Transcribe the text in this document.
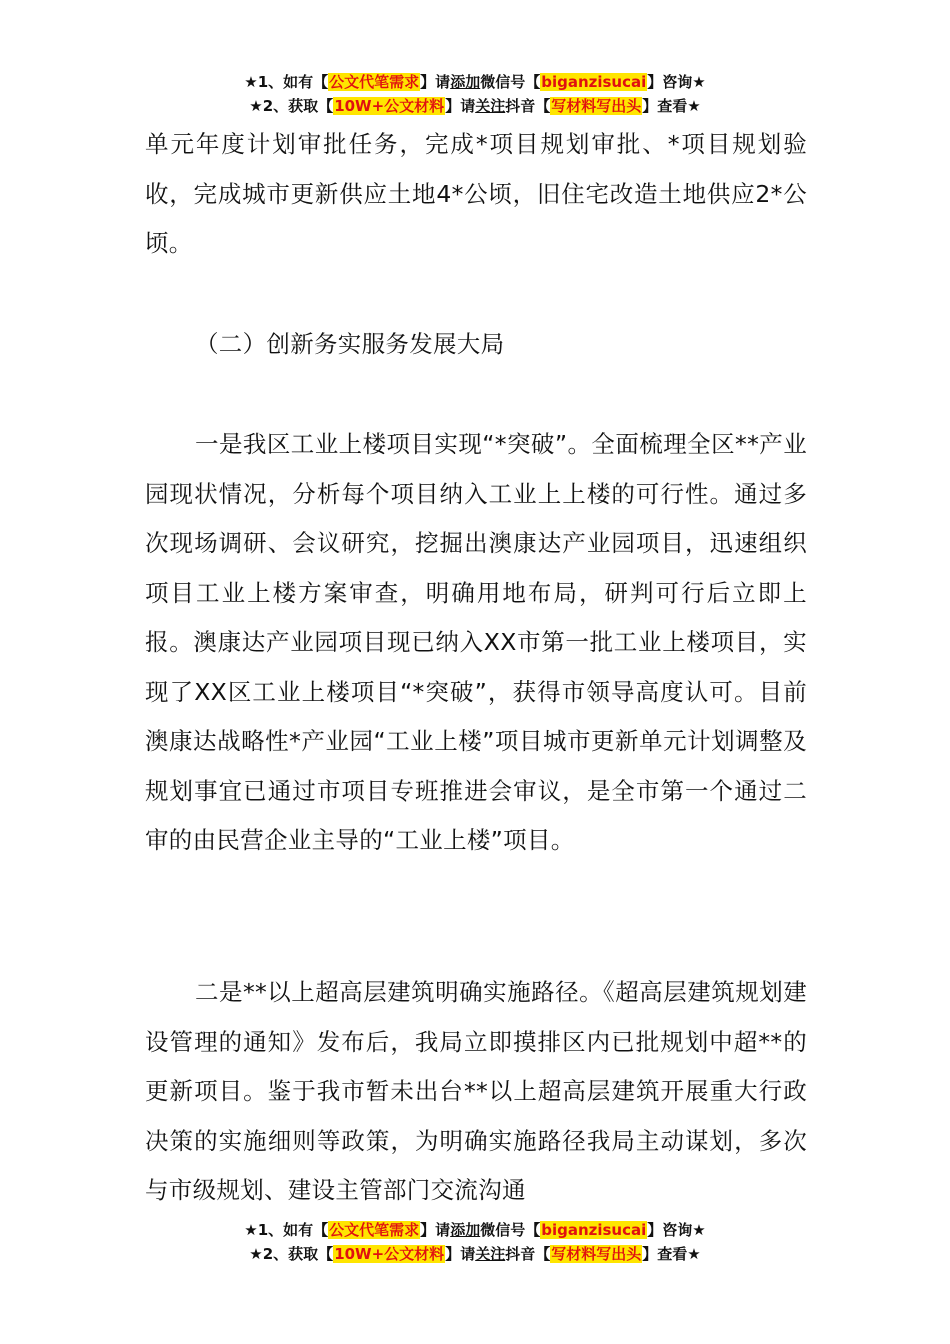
★1、如有【公文代笔需求】请添加微信号【biganzisucai】咨询★
★2、获取【10W+公文材料】请关注抖音【写材料写出头】查看★

单元年度计划审批任务，完成*项目规划审批、*项目规划验收，完成城市更新供应土地4*公顷，旧住宅改造土地供应2*公顷。

（二）创新务实服务发展大局

一是我区工业上楼项目实现“*突破”。全面梳理全区**产业园现状情况，分析每个项目纳入工业上上楼的可行性。通过多次现场调研、会议研究，挖掘出澳康达产业园项目，迅速组织项目工业上楼方案审查，明确用地布局，研判可行后立即上报。澳康达产业园项目现已纳入XX市第一批工业上楼项目，实现了XX区工业上楼项目“*突破”，获得市领导高度认可。目前澳康达战略性*产业园“工业上楼”项目城市更新单元计划调整及规划事宜已通过市项目专班推进会审议，是全市第一个通过二审的由民营企业主导的“工业上楼”项目。

二是**以上超高层建筑明确实施路径。《超高层建筑规划建设管理的通知》发布后，我局立即摸排区内已批规划中超**的更新项目。鉴于我市暂未出台**以上超高层建筑开展重大行政决策的实施细则等政策，为明确实施路径我局主动谋划，多次与市级规划、建设主管部门交流沟通

★1、如有【公文代笔需求】请添加微信号【biganzisucai】咨询★
★2、获取【10W+公文材料】请关注抖音【写材料写出头】查看★
